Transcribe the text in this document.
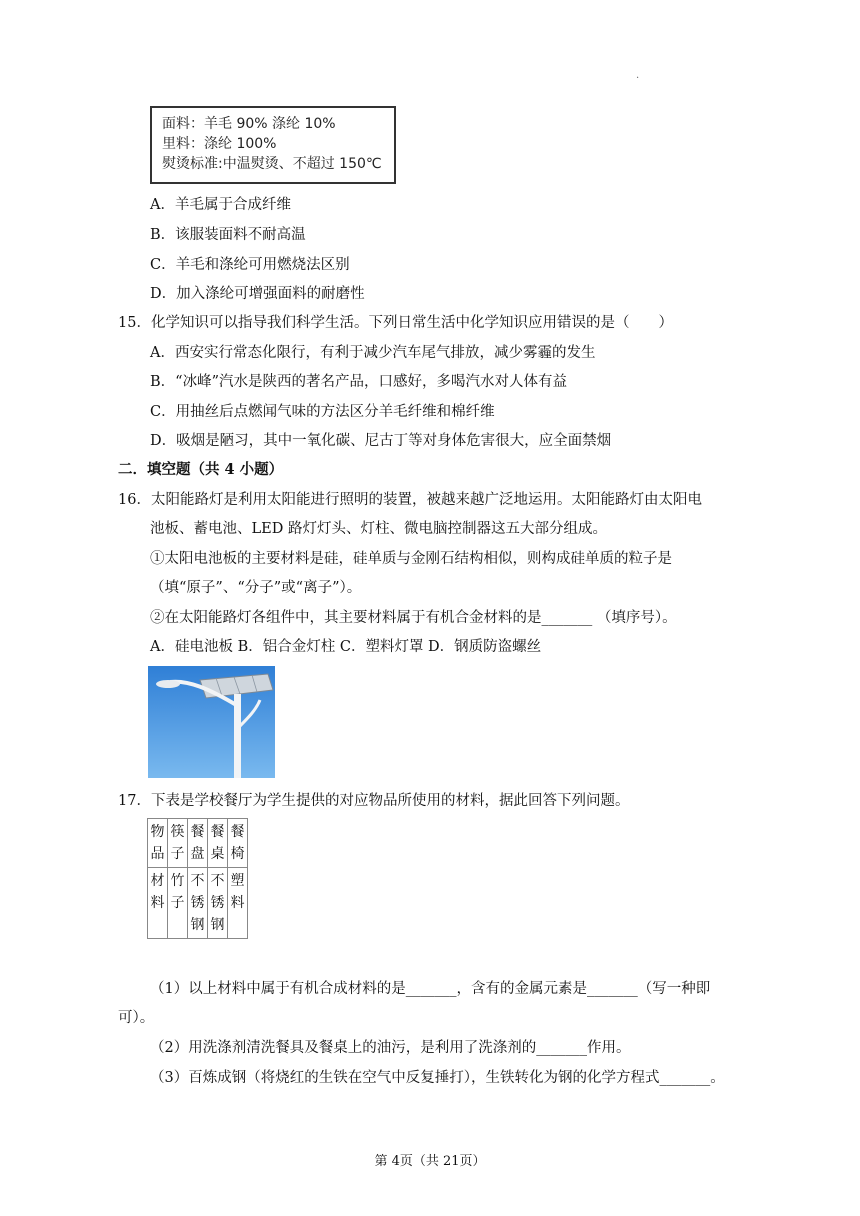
.
面料：羊毛 90% 涤纶 10%
里料：涤纶 100%
熨烫标准:中温熨烫、不超过 150℃
A．羊毛属于合成纤维
B．该服装面料不耐高温
C．羊毛和涤纶可用燃烧法区别
D．加入涤纶可增强面料的耐磨性
15．化学知识可以指导我们科学生活。下列日常生活中化学知识应用错误的是（　　）
A．西安实行常态化限行，有利于减少汽车尾气排放，减少雾霾的发生
B．“冰峰”汽水是陕西的著名产品，口感好，多喝汽水对人体有益
C．用抽丝后点燃闻气味的方法区分羊毛纤维和棉纤维
D．吸烟是陋习，其中一氧化碳、尼古丁等对身体危害很大，应全面禁烟
二．填空题（共 4 小题）
16．太阳能路灯是利用太阳能进行照明的装置，被越来越广泛地运用。太阳能路灯由太阳电
池板、蓄电池、LED 路灯灯头、灯柱、微电脑控制器这五大部分组成。
①太阳电池板的主要材料是硅，硅单质与金刚石结构相似，则构成硅单质的粒子是
（填“原子”、“分子”或“离子”）。
②在太阳能路灯各组件中，其主要材料属于有机合金材料的是_______ （填序号）。
A．硅电池板 B．铝合金灯柱 C．塑料灯罩 D．钢质防盗螺丝
17．下表是学校餐厅为学生提供的对应物品所使用的材料，据此回答下列问题。
物品	筷子	餐盘	餐桌	餐椅
材料	竹子	不锈钢	不锈钢	塑料
（1）以上材料中属于有机合成材料的是_______，含有的金属元素是_______（写一种即
可）。
（2）用洗涤剂清洗餐具及餐桌上的油污，是利用了洗涤剂的_______作用。
（3）百炼成钢（将烧红的生铁在空气中反复捶打），生铁转化为钢的化学方程式_______。
第 4页（共 21页）
